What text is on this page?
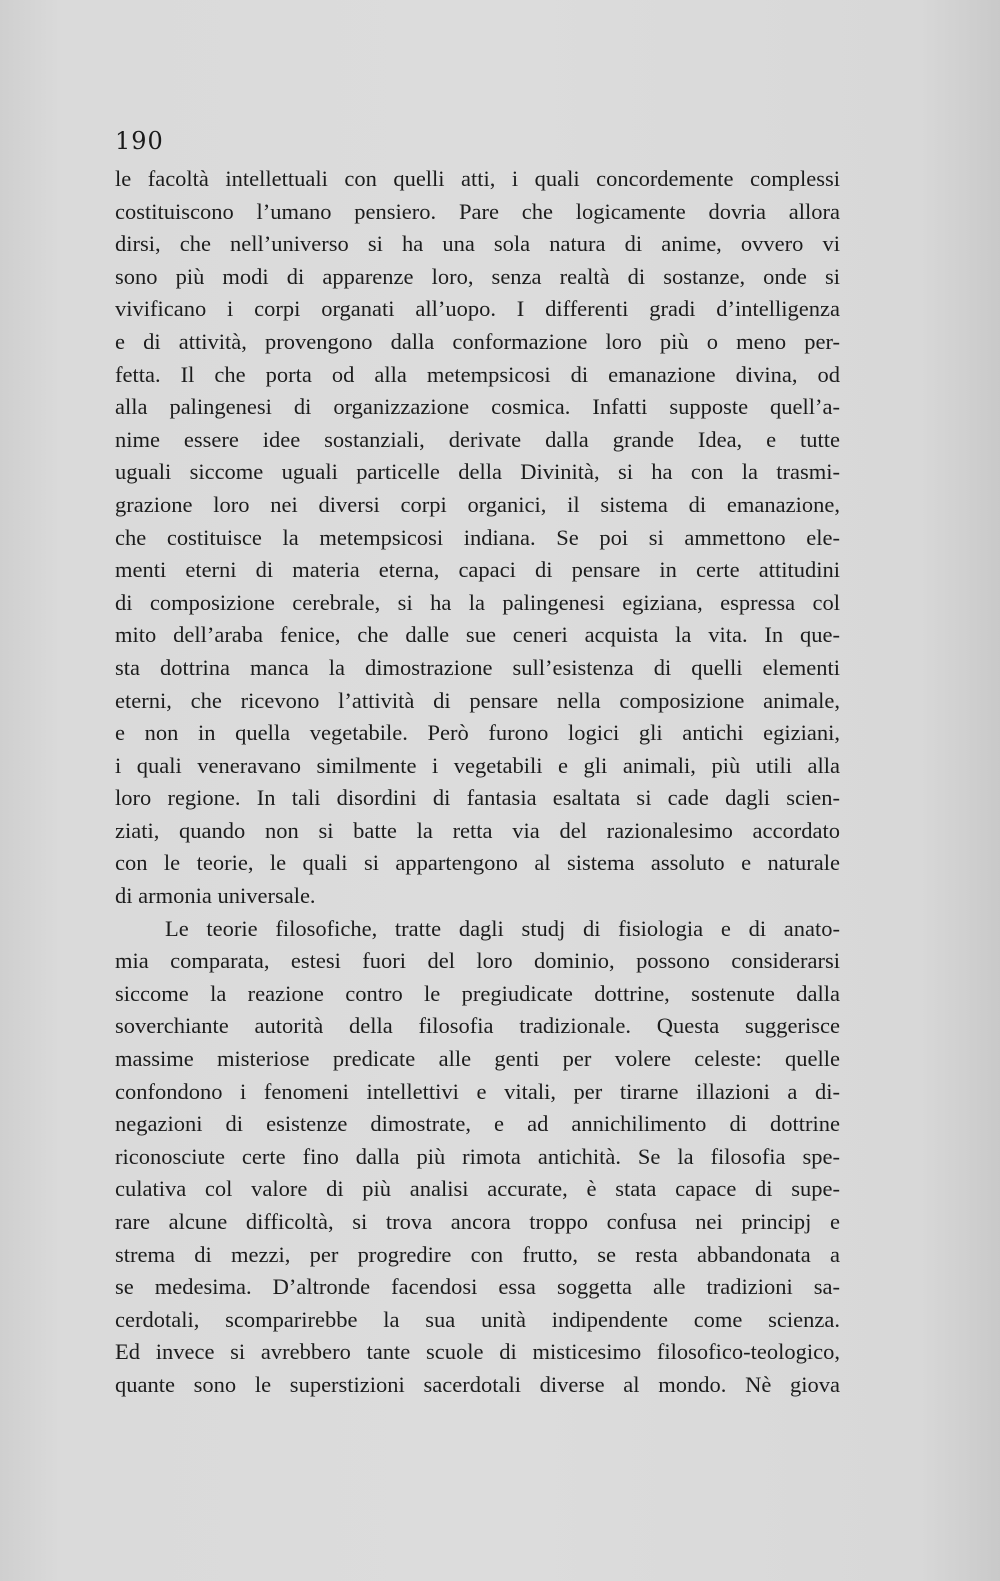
190
le facoltà intellettuali con quelli atti, i quali concordemente complessi
costituiscono l’umano pensiero. Pare che logicamente dovria allora
dirsi, che nell’universo si ha una sola natura di anime, ovvero vi
sono più modi di apparenze loro, senza realtà di sostanze, onde si
vivificano i corpi organati all’uopo. I differenti gradi d’intelligenza
e di attività, provengono dalla conformazione loro più o meno per-
fetta. Il che porta od alla metempsicosi di emanazione divina, od
alla palingenesi di organizzazione cosmica. Infatti supposte quell’a-
nime essere idee sostanziali, derivate dalla grande Idea, e tutte
uguali siccome uguali particelle della Divinità, si ha con la trasmi-
grazione loro nei diversi corpi organici, il sistema di emanazione,
che costituisce la metempsicosi indiana. Se poi si ammettono ele-
menti eterni di materia eterna, capaci di pensare in certe attitudini
di composizione cerebrale, si ha la palingenesi egiziana, espressa col
mito dell’araba fenice, che dalle sue ceneri acquista la vita. In que-
sta dottrina manca la dimostrazione sull’esistenza di quelli elementi
eterni, che ricevono l’attività di pensare nella composizione animale,
e non in quella vegetabile. Però furono logici gli antichi egiziani,
i quali veneravano similmente i vegetabili e gli animali, più utili alla
loro regione. In tali disordini di fantasia esaltata si cade dagli scien-
ziati, quando non si batte la retta via del razionalesimo accordato
con le teorie, le quali si appartengono al sistema assoluto e naturale
di armonia universale.
Le teorie filosofiche, tratte dagli studj di fisiologia e di anato-
mia comparata, estesi fuori del loro dominio, possono considerarsi
siccome la reazione contro le pregiudicate dottrine, sostenute dalla
soverchiante autorità della filosofia tradizionale. Questa suggerisce
massime misteriose predicate alle genti per volere celeste: quelle
confondono i fenomeni intellettivi e vitali, per tirarne illazioni a di-
negazioni di esistenze dimostrate, e ad annichilimento di dottrine
riconosciute certe fino dalla più rimota antichità. Se la filosofia spe-
culativa col valore di più analisi accurate, è stata capace di supe-
rare alcune difficoltà, si trova ancora troppo confusa nei principj e
strema di mezzi, per progredire con frutto, se resta abbandonata a
se medesima. D’altronde facendosi essa soggetta alle tradizioni sa-
cerdotali, scomparirebbe la sua unità indipendente come scienza.
Ed invece si avrebbero tante scuole di misticesimo filosofico-teologico,
quante sono le superstizioni sacerdotali diverse al mondo. Nè giova
